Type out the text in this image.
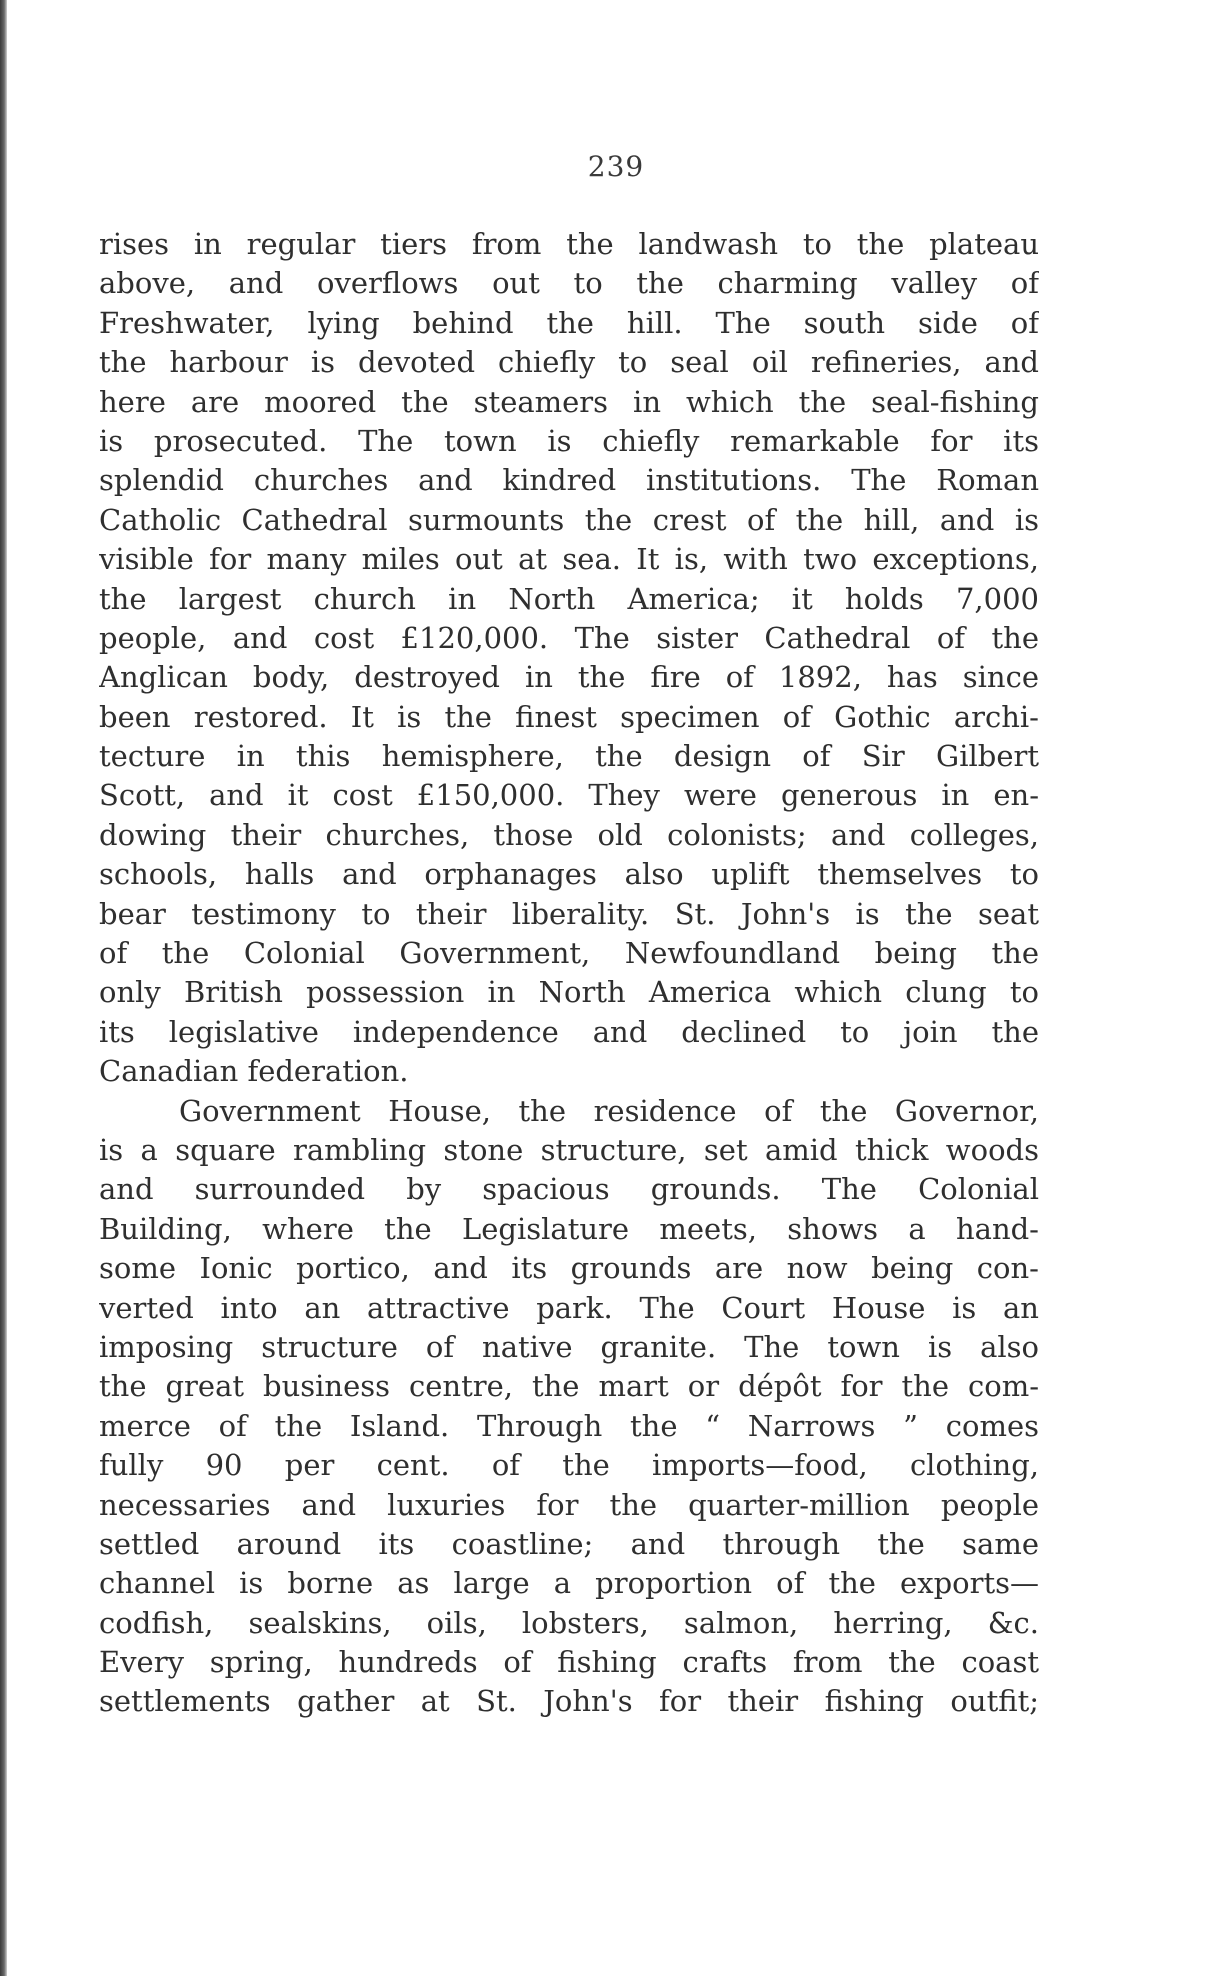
239
rises in regular tiers from the landwash to the plateau
above, and overflows out to the charming valley of
Freshwater, lying behind the hill. The south side of
the harbour is devoted chiefly to seal oil refineries, and
here are moored the steamers in which the seal-fishing
is prosecuted. The town is chiefly remarkable for its
splendid churches and kindred institutions. The Roman
Catholic Cathedral surmounts the crest of the hill, and is
visible for many miles out at sea. It is, with two exceptions,
the largest church in North America; it holds 7,000
people, and cost £120,000. The sister Cathedral of the
Anglican body, destroyed in the fire of 1892, has since
been restored. It is the finest specimen of Gothic archi-
tecture in this hemisphere, the design of Sir Gilbert
Scott, and it cost £150,000. They were generous in en-
dowing their churches, those old colonists; and colleges,
schools, halls and orphanages also uplift themselves to
bear testimony to their liberality. St. John's is the seat
of the Colonial Government, Newfoundland being the
only British possession in North America which clung to
its legislative independence and declined to join the
Canadian federation.
Government House, the residence of the Governor,
is a square rambling stone structure, set amid thick woods
and surrounded by spacious grounds. The Colonial
Building, where the Legislature meets, shows a hand-
some Ionic portico, and its grounds are now being con-
verted into an attractive park. The Court House is an
imposing structure of native granite. The town is also
the great business centre, the mart or dépôt for the com-
merce of the Island. Through the “ Narrows ” comes
fully 90 per cent. of the imports—food, clothing,
necessaries and luxuries for the quarter-million people
settled around its coastline; and through the same
channel is borne as large a proportion of the exports—
codfish, sealskins, oils, lobsters, salmon, herring, &c.
Every spring, hundreds of fishing crafts from the coast
settlements gather at St. John's for their fishing outfit;
